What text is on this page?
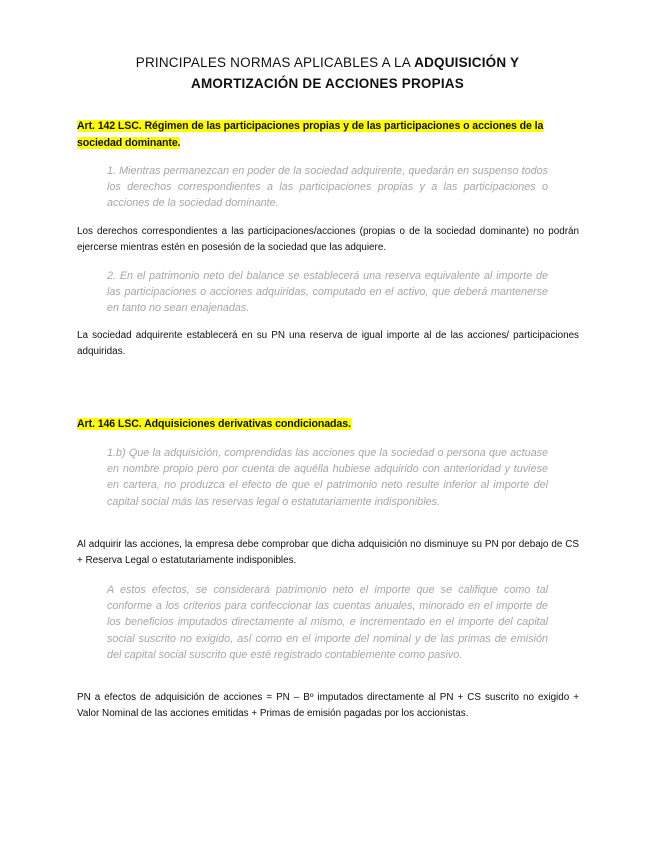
PRINCIPALES NORMAS APLICABLES A LA ADQUISICIÓN Y
AMORTIZACIÓN DE ACCIONES PROPIAS
Art. 142 LSC. Régimen de las participaciones propias y de las participaciones o acciones de la sociedad dominante.
1. Mientras permanezcan en poder de la sociedad adquirente, quedarán en suspenso todos los derechos correspondientes a las participaciones propias y a las participaciones o acciones de la sociedad dominante.
Los derechos correspondientes a las participaciones/acciones (propias o de la sociedad dominante) no podrán ejercerse mientras estén en posesión de la sociedad que las adquiere.
2. En el patrimonio neto del balance se establecerá una reserva equivalente al importe de las participaciones o acciones adquiridas, computado en el activo, que deberá mantenerse en tanto no sean enajenadas.
La sociedad adquirente establecerá en su PN una reserva de igual importe al de las acciones/ participaciones adquiridas.
Art. 146 LSC. Adquisiciones derivativas condicionadas.
1.b) Que la adquisición, comprendidas las acciones que la sociedad o persona que actuase en nombre propio pero por cuenta de aquélla hubiese adquirido con anterioridad y tuviese en cartera, no produzca el efecto de que el patrimonio neto resulte inferior al importe del capital social más las reservas legal o estatutariamente indisponibles.
Al adquirir las acciones, la empresa debe comprobar que dicha adquisición no disminuye su PN por debajo de CS + Reserva Legal o estatutariamente indisponibles.
A estos efectos, se considerará patrimonio neto el importe que se califique como tal conforme a los criterios para confeccionar las cuentas anuales, minorado en el importe de los beneficios imputados directamente al mismo, e incrementado en el importe del capital social suscrito no exigido, así como en el importe del nominal y de las primas de emisión del capital social suscrito que esté registrado contablemente como pasivo.
PN a efectos de adquisición de acciones = PN – Bº imputados directamente al PN + CS suscrito no exigido + Valor Nominal de las acciones emitidas + Primas de emisión pagadas por los accionistas.
